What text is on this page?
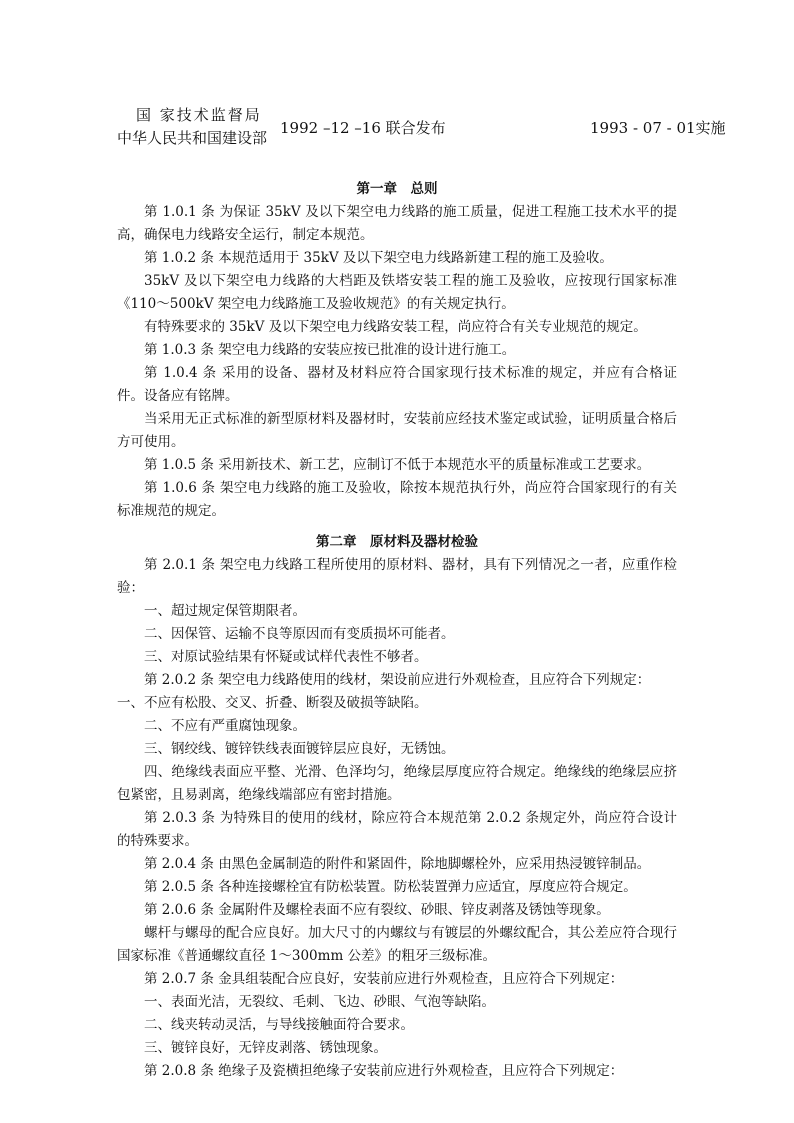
国 家技术监督局
中华人民共和国建设部
1992 –12 –16 联合发布	1993 - 07 - 01实施
第一章　总则

第 1.0.1 条 为保证 35kV 及以下架空电力线路的施工质量，促进工程施工技术水平的提高，确保电力线路安全运行，制定本规范。

第 1.0.2 条 本规范适用于 35kV 及以下架空电力线路新建工程的施工及验收。

35kV 及以下架空电力线路的大档距及铁塔安装工程的施工及验收，应按现行国家标准《110～500kV 架空电力线路施工及验收规范》的有关规定执行。

有特殊要求的 35kV 及以下架空电力线路安装工程，尚应符合有关专业规范的规定。

第 1.0.3 条 架空电力线路的安装应按已批准的设计进行施工。

第 1.0.4 条 采用的设备、器材及材料应符合国家现行技术标准的规定，并应有合格证件。设备应有铭牌。

当采用无正式标准的新型原材料及器材时，安装前应经技术鉴定或试验，证明质量合格后方可使用。

第 1.0.5 条 采用新技术、新工艺，应制订不低于本规范水平的质量标准或工艺要求。

第 1.0.6 条 架空电力线路的施工及验收，除按本规范执行外，尚应符合国家现行的有关标准规范的规定。

第二章　原材料及器材检验

第 2.0.1 条 架空电力线路工程所使用的原材料、器材，具有下列情况之一者，应重作检验：

一、超过规定保管期限者。

二、因保管、运输不良等原因而有变质损坏可能者。

三、对原试验结果有怀疑或试样代表性不够者。

第 2.0.2 条 架空电力线路使用的线材，架设前应进行外观检查，且应符合下列规定：

一、不应有松股、交叉、折叠、断裂及破损等缺陷。

二、不应有严重腐蚀现象。

三、钢绞线、镀锌铁线表面镀锌层应良好，无锈蚀。

四、绝缘线表面应平整、光滑、色泽均匀，绝缘层厚度应符合规定。绝缘线的绝缘层应挤包紧密，且易剥离，绝缘线端部应有密封措施。

第 2.0.3 条 为特殊目的使用的线材，除应符合本规范第 2.0.2 条规定外，尚应符合设计的特殊要求。

第 2.0.4 条 由黑色金属制造的附件和紧固件，除地脚螺栓外，应采用热浸镀锌制品。

第 2.0.5 条 各种连接螺栓宜有防松装置。防松装置弹力应适宜，厚度应符合规定。

第 2.0.6 条 金属附件及螺栓表面不应有裂纹、砂眼、锌皮剥落及锈蚀等现象。

螺杆与螺母的配合应良好。加大尺寸的内螺纹与有镀层的外螺纹配合，其公差应符合现行国家标准《普通螺纹直径 1～300mm 公差》的粗牙三级标准。

第 2.0.7 条 金具组装配合应良好，安装前应进行外观检查，且应符合下列规定：

一、表面光洁，无裂纹、毛刺、飞边、砂眼、气泡等缺陷。

二、线夹转动灵活，与导线接触面符合要求。

三、镀锌良好，无锌皮剥落、锈蚀现象。

第 2.0.8 条 绝缘子及瓷横担绝缘子安装前应进行外观检查，且应符合下列规定：
